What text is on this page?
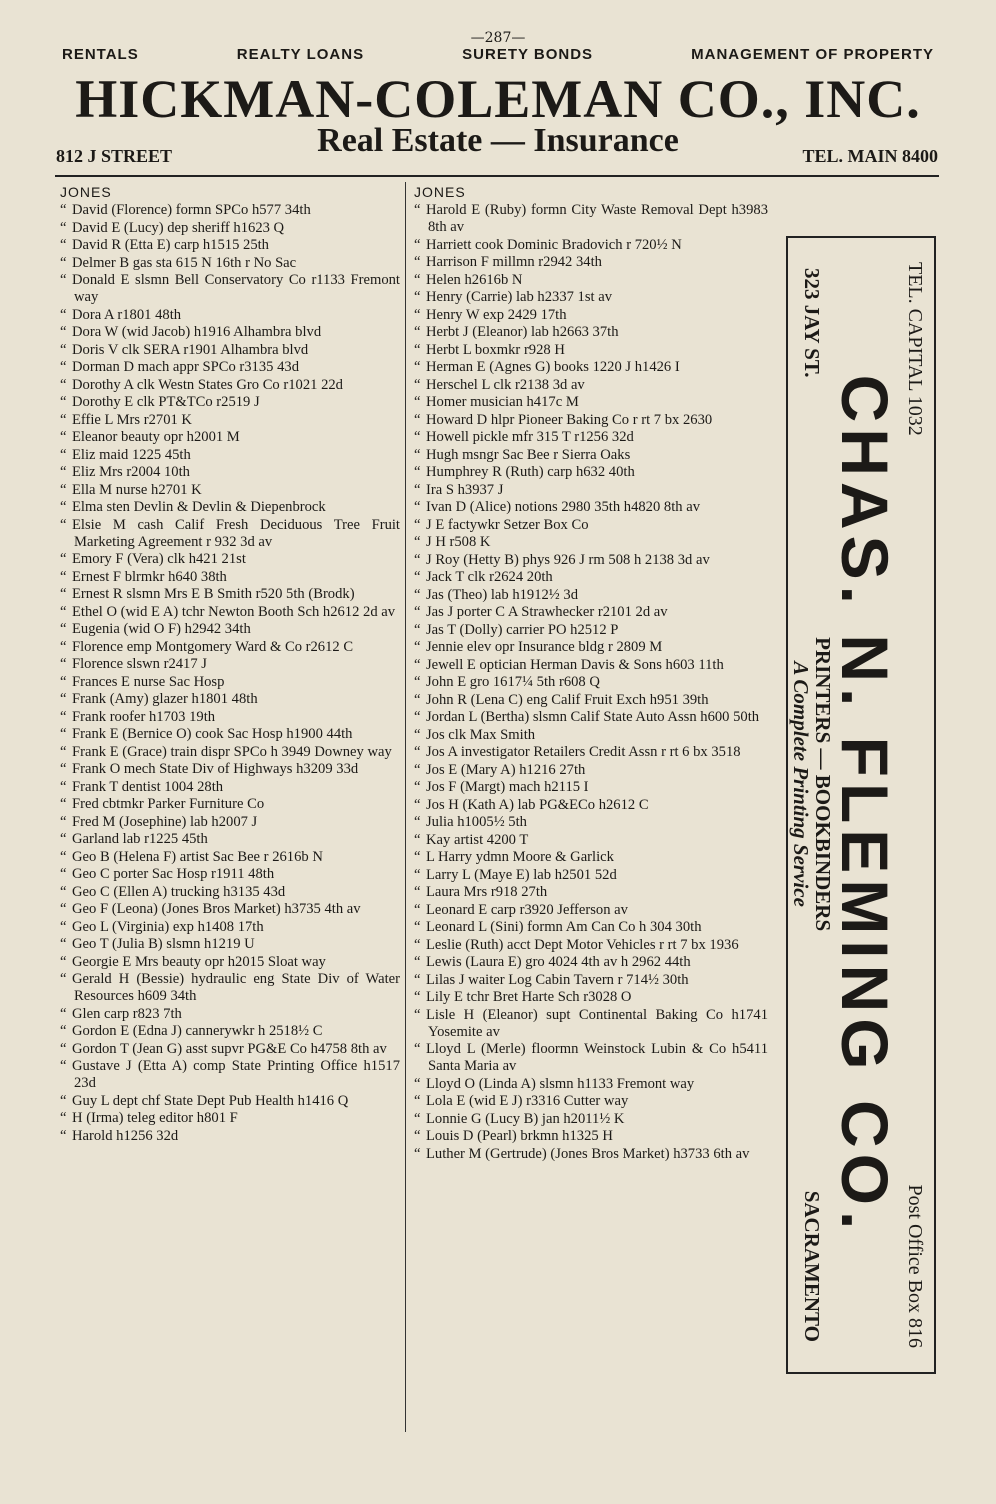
—287—
RENTALS	REALTY LOANS	SURETY BONDS	MANAGEMENT OF PROPERTY
HICKMAN-COLEMAN CO., INC.
Real Estate — Insurance
812 J STREET	TEL. MAIN 8400
JONES
“ David (Florence) formn SPCo h577 34th
“ David E (Lucy) dep sheriff h1623 Q
“ David R (Etta E) carp h1515 25th
“ Delmer B gas sta 615 N 16th r No Sac
“ Donald E slsmn Bell Conservatory Co r1133 Fremont way
“ Dora A r1801 48th
“ Dora W (wid Jacob) h1916 Alhambra blvd
“ Doris V clk SERA r1901 Alhambra blvd
“ Dorman D mach appr SPCo r3135 43d
“ Dorothy A clk Westn States Gro Co r1021 22d
“ Dorothy E clk PT&TCo r2519 J
“ Effie L Mrs r2701 K
“ Eleanor beauty opr h2001 M
“ Eliz maid 1225 45th
“ Eliz Mrs r2004 10th
“ Ella M nurse h2701 K
“ Elma sten Devlin & Devlin & Diepenbrock
“ Elsie M cash Calif Fresh Deciduous Tree Fruit Marketing Agreement r 932 3d av
“ Emory F (Vera) clk h421 21st
“ Ernest F blrmkr h640 38th
“ Ernest R slsmn Mrs E B Smith r520 5th (Brodk)
“ Ethel O (wid E A) tchr Newton Booth Sch h2612 2d av
“ Eugenia (wid O F) h2942 34th
“ Florence emp Montgomery Ward & Co r2612 C
“ Florence slswn r2417 J
“ Frances E nurse Sac Hosp
“ Frank (Amy) glazer h1801 48th
“ Frank roofer h1703 19th
“ Frank E (Bernice O) cook Sac Hosp h1900 44th
“ Frank E (Grace) train dispr SPCo h 3949 Downey way
“ Frank O mech State Div of Highways h3209 33d
“ Frank T dentist 1004 28th
“ Fred cbtmkr Parker Furniture Co
“ Fred M (Josephine) lab h2007 J
“ Garland lab r1225 45th
“ Geo B (Helena F) artist Sac Bee r 2616b N
“ Geo C porter Sac Hosp r1911 48th
“ Geo C (Ellen A) trucking h3135 43d
“ Geo F (Leona) (Jones Bros Market) h3735 4th av
“ Geo L (Virginia) exp h1408 17th
“ Geo T (Julia B) slsmn h1219 U
“ Georgie E Mrs beauty opr h2015 Sloat way
“ Gerald H (Bessie) hydraulic eng State Div of Water Resources h609 34th
“ Glen carp r823 7th
“ Gordon E (Edna J) cannerywkr h 2518½ C
“ Gordon T (Jean G) asst supvr PG&E Co h4758 8th av
“ Gustave J (Etta A) comp State Printing Office h1517 23d
“ Guy L dept chf State Dept Pub Health h1416 Q
“ H (Irma) teleg editor h801 F
“ Harold h1256 32d
JONES
“ Harold E (Ruby) formn City Waste Removal Dept h3983 8th av
“ Harriett cook Dominic Bradovich r 720½ N
“ Harrison F millmn r2942 34th
“ Helen h2616b N
“ Henry (Carrie) lab h2337 1st av
“ Henry W exp 2429 17th
“ Herbt J (Eleanor) lab h2663 37th
“ Herbt L boxmkr r928 H
“ Herman E (Agnes G) books 1220 J h1426 I
“ Herschel L clk r2138 3d av
“ Homer musician h417c M
“ Howard D hlpr Pioneer Baking Co r rt 7 bx 2630
“ Howell pickle mfr 315 T r1256 32d
“ Hugh msngr Sac Bee r Sierra Oaks
“ Humphrey R (Ruth) carp h632 40th
“ Ira S h3937 J
“ Ivan D (Alice) notions 2980 35th h4820 8th av
“ J E factywkr Setzer Box Co
“ J H r508 K
“ J Roy (Hetty B) phys 926 J rm 508 h 2138 3d av
“ Jack T clk r2624 20th
“ Jas (Theo) lab h1912½ 3d
“ Jas J porter C A Strawhecker r2101 2d av
“ Jas T (Dolly) carrier PO h2512 P
“ Jennie elev opr Insurance bldg r 2809 M
“ Jewell E optician Herman Davis & Sons h603 11th
“ John E gro 1617¼ 5th r608 Q
“ John R (Lena C) eng Calif Fruit Exch h951 39th
“ Jordan L (Bertha) slsmn Calif State Auto Assn h600 50th
“ Jos clk Max Smith
“ Jos A investigator Retailers Credit Assn r rt 6 bx 3518
“ Jos E (Mary A) h1216 27th
“ Jos F (Margt) mach h2115 I
“ Jos H (Kath A) lab PG&ECo h2612 C
“ Julia h1005½ 5th
“ Kay artist 4200 T
“ L Harry ydmn Moore & Garlick
“ Larry L (Maye E) lab h2501 52d
“ Laura Mrs r918 27th
“ Leonard E carp r3920 Jefferson av
“ Leonard L (Sini) formn Am Can Co h 304 30th
“ Leslie (Ruth) acct Dept Motor Vehicles r rt 7 bx 1936
“ Lewis (Laura E) gro 4024 4th av h 2962 44th
“ Lilas J waiter Log Cabin Tavern r 714½ 30th
“ Lily E tchr Bret Harte Sch r3028 O
“ Lisle H (Eleanor) supt Continental Baking Co h1741 Yosemite av
“ Lloyd L (Merle) floormn Weinstock Lubin & Co h5411 Santa Maria av
“ Lloyd O (Linda A) slsmn h1133 Fremont way
“ Lola E (wid E J) r3316 Cutter way
“ Lonnie G (Lucy B) jan h2011½ K
“ Louis D (Pearl) brkmn h1325 H
“ Luther M (Gertrude) (Jones Bros Market) h3733 6th av
TEL. CAPITAL 1032
Post Office Box 816
CHAS. N. FLEMING CO.
323 JAY ST.
PRINTERS — BOOKBINDERS
A Complete Printing Service
SACRAMENTO
